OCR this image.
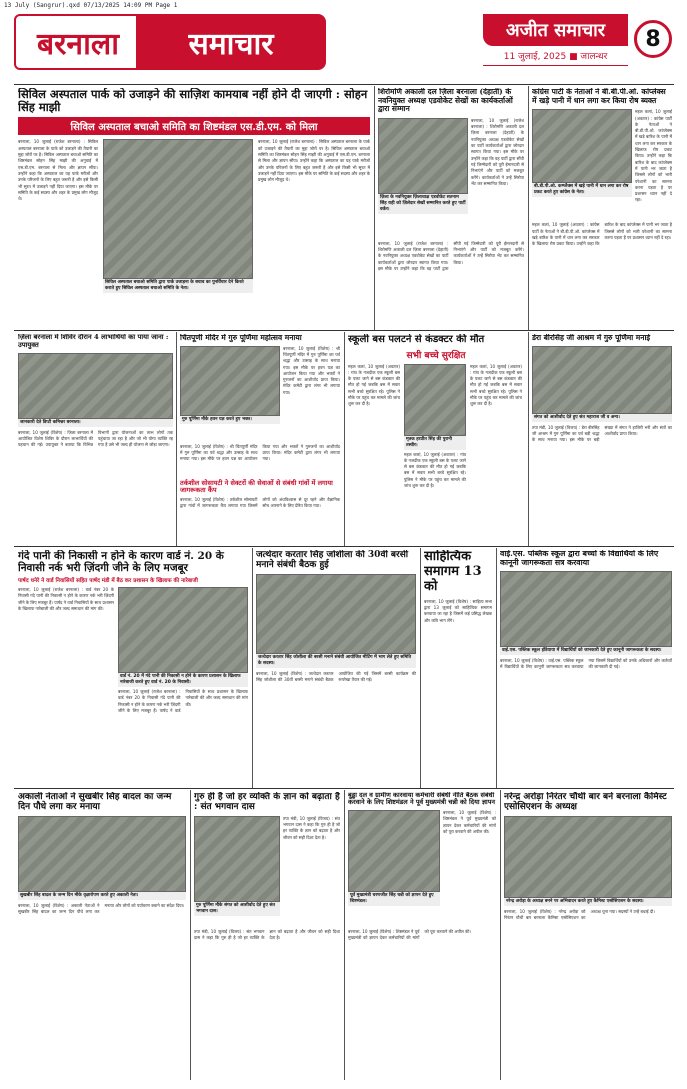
13 July (Sangrur).qxd 07/13/2025 14:09 PM Page 1
बरनाला समाचार	अजीत समाचार
11 जुलाई, 2025 ■ जालन्धर
8
सिविल अस्पताल पार्क को उजाड़ने की साज़िश कामयाब नहीं होने दी जाएगी : सोहन सिंह माझी
सिविल अस्पताल बचाओ समिति का शिष्टमंडल एस.डी.एम. को मिला
बरनाला, 10 जुलाई (राजेश बरनाला) : सिविल अस्पताल बरनाला के पार्क को उजाड़ने की तैयारी का मुद्दा जोरों पर है। सिविल अस्पताल बचाओ समिति का शिष्टमंडल सोहन सिंह माझी की अगुवाई में एस.डी.एम. बरनाला से मिला और ज्ञापन सौंपा। उन्होंने कहा कि अस्पताल का यह पार्क मरीजों और उनके परिजनों के लिए बहुत जरूरी है और इसे किसी भी सूरत में उजाड़ने नहीं दिया जाएगा। इस मौके पर समिति के कई सदस्य और शहर के प्रमुख लोग मौजूद थे।
सिविल अस्पताल बचाओ समिति द्वारा पार्क उजाड़ना के बचाव का पुनर्विचार देने किरते कराते हुए सिविल अस्पताल बचाओ समिति के नेता।
बरनाला, 10 जुलाई (राजेश बरनाला) : सिविल अस्पताल बरनाला के पार्क को उजाड़ने की तैयारी का मुद्दा जोरों पर है। सिविल अस्पताल बचाओ समिति का शिष्टमंडल सोहन सिंह माझी की अगुवाई में एस.डी.एम. बरनाला से मिला और ज्ञापन सौंपा। उन्होंने कहा कि अस्पताल का यह पार्क मरीजों और उनके परिजनों के लिए बहुत जरूरी है और इसे किसी भी सूरत में उजाड़ने नहीं दिया जाएगा। इस मौके पर समिति के कई सदस्य और शहर के प्रमुख लोग मौजूद थे।
शिरोमणि अकाली दल ज़िला बरनाला (देहाती) के नवनियुक्त अध्यक्ष एडवोकेट सेखों का कार्यकर्ताओं द्वारा सम्मान
ज़िला के नवनियुक्त ज़िलाध्यक्ष एडवोकेट सतनाम सिंह राही को ज़िलेदार सेखों सम्मानित करते हुए पार्टी वर्कर।
बरनाला, 10 जुलाई (राजेश बरनाला) : शिरोमणि अकाली दल ज़िला बरनाला (देहाती) के नवनियुक्त अध्यक्ष एडवोकेट सेखों का पार्टी कार्यकर्ताओं द्वारा जोरदार स्वागत किया गया। इस मौके पर उन्होंने कहा कि वह पार्टी द्वारा सौंपी गई जिम्मेदारी को पूरी ईमानदारी से निभाएंगे और पार्टी को मजबूत करेंगे। कार्यकर्ताओं ने उन्हें सिरोपा भेंट कर सम्मानित किया।
बरनाला, 10 जुलाई (राजेश बरनाला) : शिरोमणि अकाली दल ज़िला बरनाला (देहाती) के नवनियुक्त अध्यक्ष एडवोकेट सेखों का पार्टी कार्यकर्ताओं द्वारा जोरदार स्वागत किया गया। इस मौके पर उन्होंने कहा कि वह पार्टी द्वारा सौंपी गई जिम्मेदारी को पूरी ईमानदारी से निभाएंगे और पार्टी को मजबूत करेंगे। कार्यकर्ताओं ने उन्हें सिरोपा भेंट कर सम्मानित किया।
कांग्रेस पार्टी के नेताओं ने बी.बी.पी.ओ. कांप्लेक्स में खड़े पानी में धान लगा कर किया रोष ब्यक्त
बी.डी.पी.ओ. कम्प्लैक्स में खड़े पानी में धान लगा कर रोष प्रकट करते हुए कांग्रेस के नेता।
महल कलां, 10 जुलाई (अवतार) : कांग्रेस पार्टी के नेताओं ने बी.डी.पी.ओ. कांप्लेक्स में खड़े बारिश के पानी में धान लगा कर सरकार के खिलाफ रोष प्रकट किया। उन्होंने कहा कि बारिश के बाद कांप्लेक्स में पानी भर जाता है जिससे लोगों को भारी परेशानी का सामना करना पड़ता है पर प्रशासन ध्यान नहीं दे रहा।
महल कलां, 10 जुलाई (अवतार) : कांग्रेस पार्टी के नेताओं ने बी.डी.पी.ओ. कांप्लेक्स में खड़े बारिश के पानी में धान लगा कर सरकार के खिलाफ रोष प्रकट किया। उन्होंने कहा कि बारिश के बाद कांप्लेक्स में पानी भर जाता है जिससे लोगों को भारी परेशानी का सामना करना पड़ता है पर प्रशासन ध्यान नहीं दे रहा।
ज़िला बरनाला में शिविर दौरान 4 लाभार्थियों का पाया जाना : उपायुक्त
जानकारी देते डिप्टी कमिश्नर बरनाला।
बरनाला, 10 जुलाई (विशेष) : ज़िला बरनाला में आयोजित विशेष शिविर के दौरान लाभार्थियों की पहचान की गई। उपायुक्त ने बताया कि विभिन्न विभागों द्वारा योजनाओं का लाभ लोगों तक पहुंचाया जा रहा है और जो भी योग्य व्यक्ति रह गया है उसे भी जल्द ही योजना से जोड़ा जाएगा।
चिंतपूर्णी मंदिर में गुरु पूर्णिमा महोत्सव मनाया
गुरु पूर्णिमा मौके हवन यज्ञ करते हुए भक्त।
बरनाला, 10 जुलाई (विशेष) : श्री चिंतपूर्णी मंदिर में गुरु पूर्णिमा का पर्व श्रद्धा और उत्साह के साथ मनाया गया। इस मौके पर हवन यज्ञ का आयोजन किया गया और भक्तों ने गुरुजनों का आशीर्वाद प्राप्त किया। मंदिर कमेटी द्वारा लंगर भी लगाया गया।
बरनाला, 10 जुलाई (विशेष) : श्री चिंतपूर्णी मंदिर में गुरु पूर्णिमा का पर्व श्रद्धा और उत्साह के साथ मनाया गया। इस मौके पर हवन यज्ञ का आयोजन किया गया और भक्तों ने गुरुजनों का आशीर्वाद प्राप्त किया। मंदिर कमेटी द्वारा लंगर भी लगाया गया।
तर्कशील सोसायटी ने सेक्टरों की सेवाओं से संबंधी गांवों में लगाया जागरूकता कैंप
बरनाला, 10 जुलाई (विशेष) : तर्कशील सोसायटी द्वारा गांवों में जागरूकता कैंप लगाया गया जिसमें लोगों को अंधविश्वास से दूर रहने और वैज्ञानिक सोच अपनाने के लिए प्रेरित किया गया।
स्कूली बस पलटने से कंडक्टर की मौत
सभी बच्चे सुरक्षित
महल कलां, 10 जुलाई (अवतार) : गांव के नजदीक एक स्कूली बस के पलट जाने से बस कंडक्टर की मौत हो गई जबकि बस में सवार सभी बच्चे सुरक्षित रहे। पुलिस ने मौके पर पहुंच कर मामले की जांच शुरू कर दी है।
मृतक हरप्रीत सिंह की पुरानी तस्वीर।
महल कलां, 10 जुलाई (अवतार) : गांव के नजदीक एक स्कूली बस के पलट जाने से बस कंडक्टर की मौत हो गई जबकि बस में सवार सभी बच्चे सुरक्षित रहे। पुलिस ने मौके पर पहुंच कर मामले की जांच शुरू कर दी है।
महल कलां, 10 जुलाई (अवतार) : गांव के नजदीक एक स्कूली बस के पलट जाने से बस कंडक्टर की मौत हो गई जबकि बस में सवार सभी बच्चे सुरक्षित रहे। पुलिस ने मौके पर पहुंच कर मामले की जांच शुरू कर दी है।
डेरा बीरसिंह जी आश्रम में गुरु पूर्णिमा मनाई
संगत को आशीर्वाद देते हुए संत महाराज जी व अन्य।
तपा मंडी, 10 जुलाई (विजय) : डेरा बीरसिंह जी आश्रम में गुरु पूर्णिमा का पर्व बड़ी श्रद्धा के साथ मनाया गया। इस मौके पर बड़ी संख्या में संगत ने हाजिरी भरी और संतों का आशीर्वाद प्राप्त किया।
गंदे पानी की निकासी न होने के कारण वार्ड नं. 20 के निवासी नर्क भरी ज़िंदगी जीने के लिए मजबूर
पार्षद धनेरे ने वार्ड निवासियों सहित पार्षद मंडी में बैठ कर प्रशासन के खिलाफ की नारेबाजी
बरनाला, 10 जुलाई (राजेश बरनाला) : वार्ड नंबर 20 के निवासी गंदे पानी की निकासी न होने के कारण नर्क भरी ज़िंदगी जीने के लिए मजबूर हैं। पार्षद ने वार्ड निवासियों के साथ प्रशासन के खिलाफ नारेबाजी की और जल्द समाधान की मांग की।
वार्ड नं. 20 में गंदे पानी की निकासी न होने के कारण प्रशासन के खिलाफ नारेबाजी करते हुए वार्ड नं. 20 के निवासी।
बरनाला, 10 जुलाई (राजेश बरनाला) : वार्ड नंबर 20 के निवासी गंदे पानी की निकासी न होने के कारण नर्क भरी ज़िंदगी जीने के लिए मजबूर हैं। पार्षद ने वार्ड निवासियों के साथ प्रशासन के खिलाफ नारेबाजी की और जल्द समाधान की मांग की।
जत्थेदार करतार सिंह जोशीला की 30वीं बरसी मनाने संबंधी बैठक हुई
जत्थेदार करतार सिंह जोशीला की बरसी मनाने संबंधी आयोजित मीटिंग में भाग लेते हुए समिति के सदस्य।
बरनाला, 10 जुलाई (विशेष) : जत्थेदार करतार सिंह जोशीला की 30वीं बरसी मनाने संबंधी बैठक आयोजित की गई जिसमें बरसी कार्यक्रम की रूपरेखा तैयार की गई।
साहित्यिक समागम 13 को
बरनाला, 10 जुलाई (विशेष) : साहित्य सभा द्वारा 13 जुलाई को साहित्यिक समागम करवाया जा रहा है जिसमें कई प्रसिद्ध लेखक और कवि भाग लेंगे।
वाई.एस. पब्लिक स्कूल द्वारा बच्चों के विद्यार्थियों के लिए कानूनी जागरूकता सत्र करवाया
वाई.एस. पब्लिक स्कूल हंडियाया में विद्यार्थियों को जानकारी देते हुए कानूनी जागरूकता के सदस्य।
बरनाला, 10 जुलाई (विशेष) : वाई.एस. पब्लिक स्कूल में विद्यार्थियों के लिए कानूनी जागरूकता सत्र करवाया गया जिसमें विद्यार्थियों को उनके अधिकारों और कर्तव्यों की जानकारी दी गई।
अकाली नेताओं ने सुखबीर सिंह बादल का जन्म दिन पौधे लगा कर मनाया
सुखबीर सिंह बादल के जन्म दिन मौके वृक्षारोपण करते हुए अकाली नेता।
बरनाला, 10 जुलाई (विशेष) : अकाली नेताओं ने सुखबीर सिंह बादल का जन्म दिन पौधे लगा कर मनाया और लोगों को पर्यावरण बचाने का संदेश दिया।
गुरु ही है जो हर व्यक्ति के ज्ञान को बढ़ाता है : संत भगवान दास
गुरु पूर्णिमा मौके संगत को आशीर्वाद देते हुए संत भगवान दास।
तपा मंडी, 10 जुलाई (विजय) : संत भगवान दास ने कहा कि गुरु ही है जो हर व्यक्ति के ज्ञान को बढ़ाता है और जीवन को सही दिशा देता है।
तपा मंडी, 10 जुलाई (विजय) : संत भगवान दास ने कहा कि गुरु ही है जो हर व्यक्ति के ज्ञान को बढ़ाता है और जीवन को सही दिशा देता है।
बुड्ढा दल व ग्रामीण कारवाया कर्मचारी संबंधी नीति बैठक संबंधी करवाने के लिए शिष्टमंडल ने पूर्व मुख्यमंत्री चन्नी को दिया ज्ञापन
पूर्व मुख्यमंत्री चरणजीत सिंह चन्नी को ज्ञापन देते हुए शिष्टमंडल।
बरनाला, 10 जुलाई (विशेष) : शिष्टमंडल ने पूर्व मुख्यमंत्री को ज्ञापन देकर कर्मचारियों की मांगों को पूरा करवाने की अपील की।
बरनाला, 10 जुलाई (विशेष) : शिष्टमंडल ने पूर्व मुख्यमंत्री को ज्ञापन देकर कर्मचारियों की मांगों को पूरा करवाने की अपील की।
नरेन्द्र अरोड़ा निरंतर चौथी बार बने बरनाला कैमिस्ट एसोसिएशन के अध्यक्ष
नरेन्द्र अरोड़ा के अध्यक्ष बनने पर अभिवादन करते हुए कैमिस्ट एसोसिएशन के सदस्य।
बरनाला, 10 जुलाई (विशेष) : नरेन्द्र अरोड़ा को निरंतर चौथी बार बरनाला कैमिस्ट एसोसिएशन का अध्यक्ष चुना गया। सदस्यों ने उन्हें बधाई दी।
